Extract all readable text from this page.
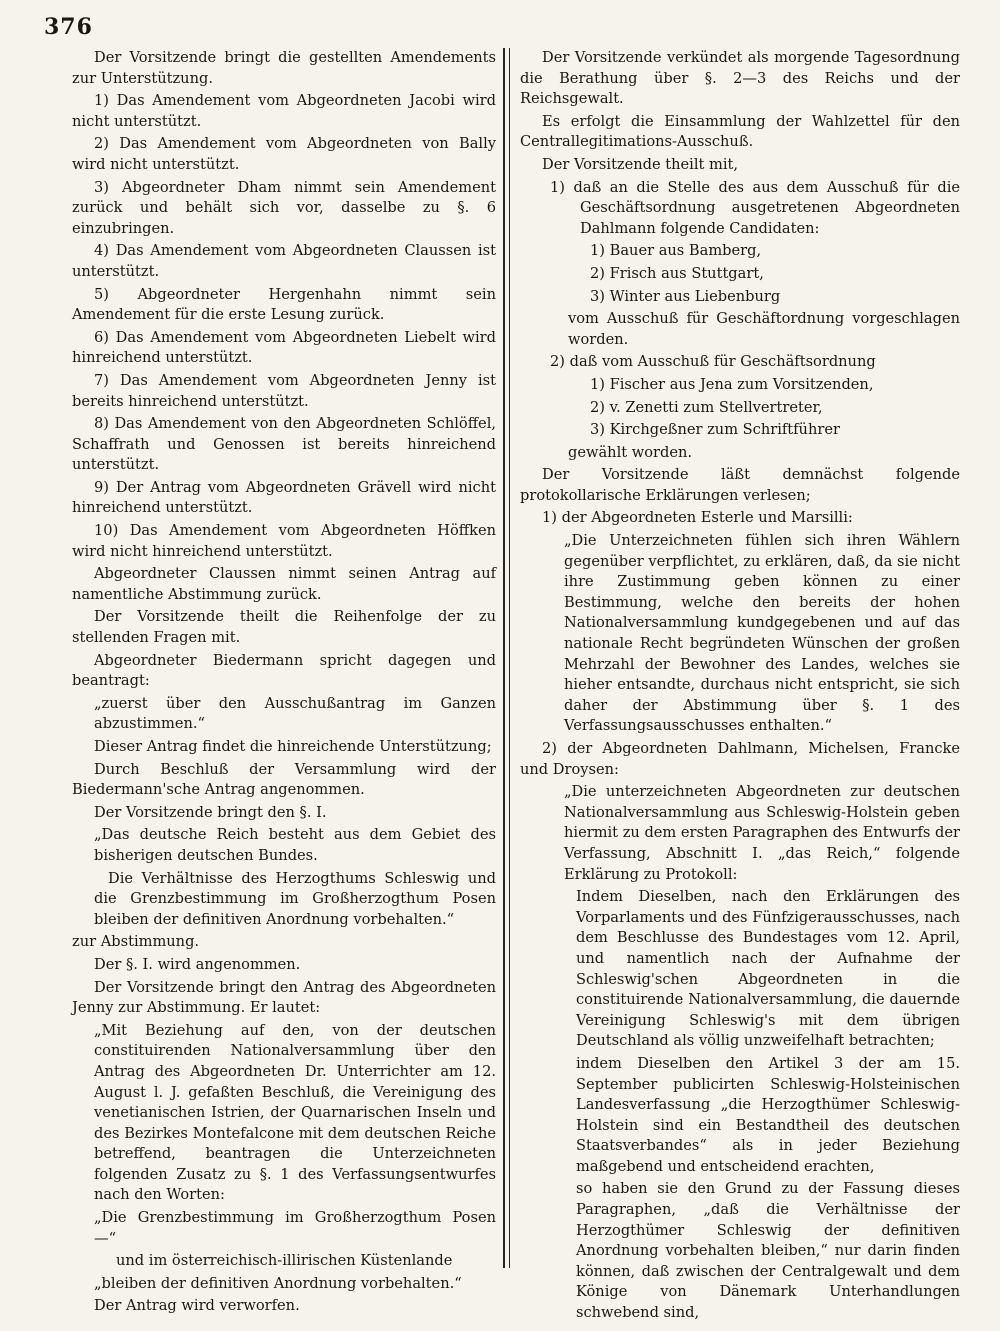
376

Der Vorsitzende bringt die gestellten Amendements zur Unterstützung.

1) Das Amendement vom Abgeordneten Jacobi wird nicht unterstützt.

2) Das Amendement vom Abgeordneten von Bally wird nicht unterstützt.

3) Abgeordneter Dham nimmt sein Amendement zurück und behält sich vor, dasselbe zu §. 6 einzubringen.

4) Das Amendement vom Abgeordneten Claussen ist unterstützt.

5) Abgeordneter Hergenhahn nimmt sein Amendement für die erste Lesung zurück.

6) Das Amendement vom Abgeordneten Liebelt wird hinreichend unterstützt.

7) Das Amendement vom Abgeordneten Jenny ist bereits hinreichend unterstützt.

8) Das Amendement von den Abgeordneten Schlöffel, Schaffrath und Genossen ist bereits hinreichend unterstützt.

9) Der Antrag vom Abgeordneten Grävell wird nicht hinreichend unterstützt.

10) Das Amendement vom Abgeordneten Höffken wird nicht hinreichend unterstützt.

Abgeordneter Claussen nimmt seinen Antrag auf namentliche Abstimmung zurück.

Der Vorsitzende theilt die Reihenfolge der zu stellenden Fragen mit.

Abgeordneter Biedermann spricht dagegen und beantragt:

„zuerst über den Ausschußantrag im Ganzen abzustimmen.“

Dieser Antrag findet die hinreichende Unterstützung;

Durch Beschluß der Versammlung wird der Biedermann'sche Antrag angenommen.

Der Vorsitzende bringt den §. I.

„Das deutsche Reich besteht aus dem Gebiet des bisherigen deutschen Bundes.

Die Verhältnisse des Herzogthums Schleswig und die Grenzbestimmung im Großherzogthum Posen bleiben der definitiven Anordnung vorbehalten.“

zur Abstimmung.

Der §. I. wird angenommen.

Der Vorsitzende bringt den Antrag des Abgeordneten Jenny zur Abstimmung. Er lautet:

„Mit Beziehung auf den, von der deutschen constituirenden Nationalversammlung über den Antrag des Abgeordneten Dr. Unterrichter am 12. August l. J. gefaßten Beschluß, die Vereinigung des venetianischen Istrien, der Quarnarischen Inseln und des Bezirkes Montefalcone mit dem deutschen Reiche betreffend, beantragen die Unterzeichneten folgenden Zusatz zu §. 1 des Verfassungsentwurfes nach den Worten:

„Die Grenzbestimmung im Großherzogthum Posen —“

und im österreichisch-illirischen Küstenlande

„bleiben der definitiven Anordnung vorbehalten.“

Der Antrag wird verworfen.

Der Vorsitzende verkündet als morgende Tagesordnung die Berathung über §. 2—3 des Reichs und der Reichsgewalt.

Es erfolgt die Einsammlung der Wahlzettel für den Centrallegitimations-Ausschuß.

Der Vorsitzende theilt mit,

1) daß an die Stelle des aus dem Ausschuß für die Geschäftsordnung ausgetretenen Abgeordneten Dahlmann folgende Candidaten:

1) Bauer aus Bamberg,

2) Frisch aus Stuttgart,

3) Winter aus Liebenburg

vom Ausschuß für Geschäftordnung vorgeschlagen worden.

2) daß vom Ausschuß für Geschäftsordnung

1) Fischer aus Jena zum Vorsitzenden,

2) v. Zenetti zum Stellvertreter,

3) Kirchgeßner zum Schriftführer

gewählt worden.

Der Vorsitzende läßt demnächst folgende protokollarische Erklärungen verlesen;

1) der Abgeordneten Esterle und Marsilli:

„Die Unterzeichneten fühlen sich ihren Wählern gegenüber verpflichtet, zu erklären, daß, da sie nicht ihre Zustimmung geben können zu einer Bestimmung, welche den bereits der hohen Nationalversammlung kundgegebenen und auf das nationale Recht begründeten Wünschen der großen Mehrzahl der Bewohner des Landes, welches sie hieher entsandte, durchaus nicht entspricht, sie sich daher der Abstimmung über §. 1 des Verfassungsausschusses enthalten.“

2) der Abgeordneten Dahlmann, Michelsen, Francke und Droysen:

„Die unterzeichneten Abgeordneten zur deutschen Nationalversammlung aus Schleswig-Holstein geben hiermit zu dem ersten Paragraphen des Entwurfs der Verfassung, Abschnitt I. „das Reich,“ folgende Erklärung zu Protokoll:

Indem Dieselben, nach den Erklärungen des Vorparlaments und des Fünfzigerausschusses, nach dem Beschlusse des Bundestages vom 12. April, und namentlich nach der Aufnahme der Schleswig'schen Abgeordneten in die constituirende Nationalversammlung, die dauernde Vereinigung Schleswig's mit dem übrigen Deutschland als völlig unzweifelhaft betrachten;

indem Dieselben den Artikel 3 der am 15. September publicirten Schleswig-Holsteinischen Landesverfassung „die Herzogthümer Schleswig-Holstein sind ein Bestandtheil des deutschen Staatsverbandes“ als in jeder Beziehung maßgebend und entscheidend erachten,

so haben sie den Grund zu der Fassung dieses Paragraphen, „daß die Verhältnisse der Herzogthümer Schleswig der definitiven Anordnung vorbehalten bleiben,“ nur darin finden können, daß zwischen der Centralgewalt und dem Könige von Dänemark Unterhandlungen schwebend sind,
